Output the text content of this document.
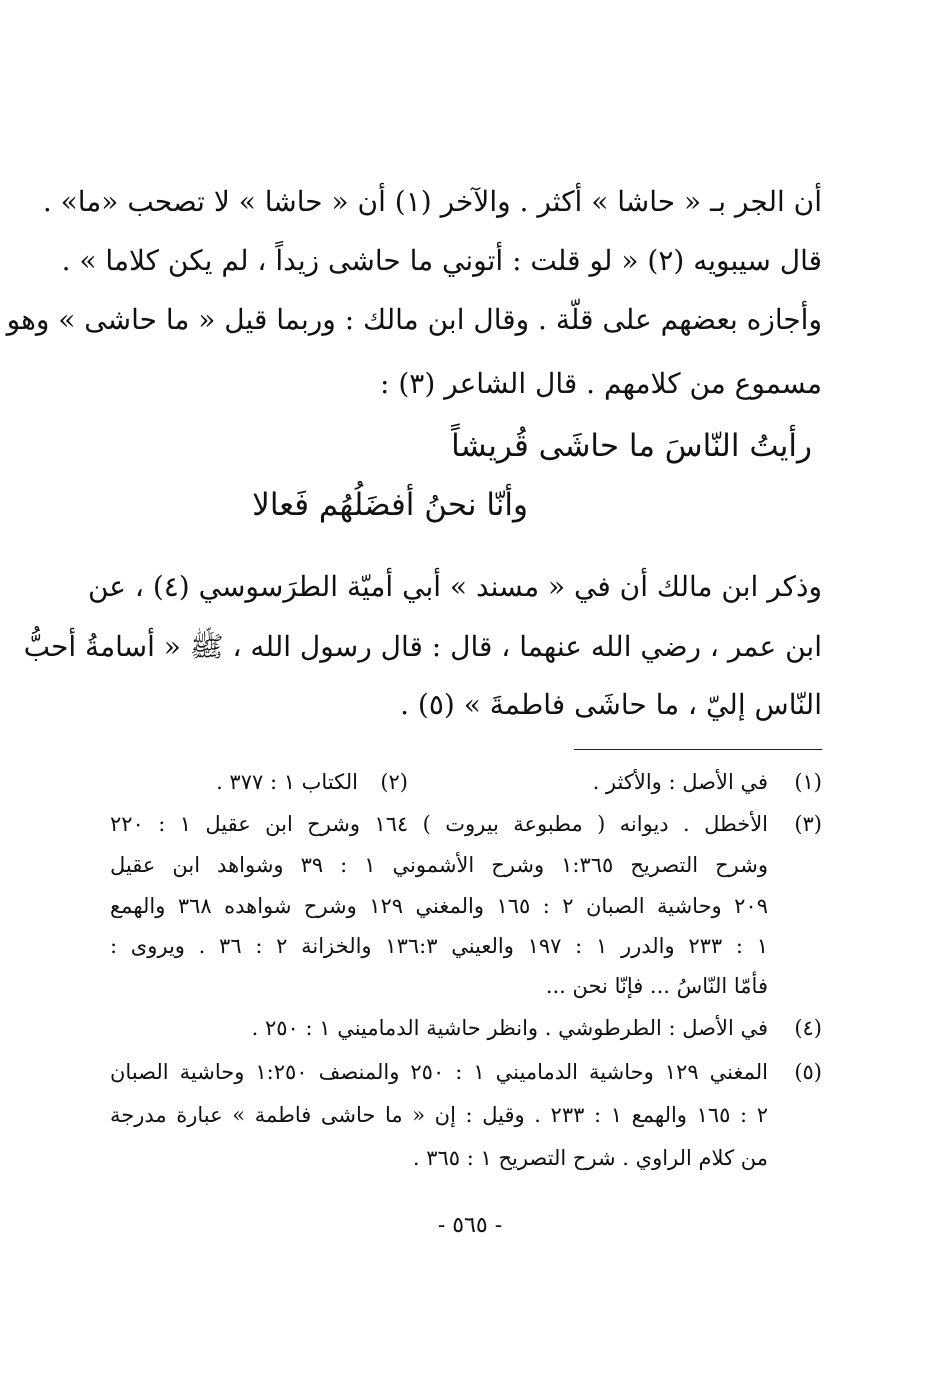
أن الجر بـ « حاشا » أكثر . والآخر (١) أن « حاشا » لا تصحب «ما» .
قال سيبويه (٢) « لو قلت : أتوني ما حاشى زيداً ، لم يكن كلاما » .
وأجازه بعضهم على قلّة . وقال ابن مالك : وربما قيل « ما حاشى » وهو
مسموع من كلامهم . قال الشاعر (٣) :
رأيتُ النّاسَ ما حاشَى قُريشاً
وأنّا نحنُ أفضَلُهُم فَعالا
وذكر ابن مالك أن في « مسند » أبي أميّة الطرَسوسي (٤) ، عن
ابن عمر ، رضي الله عنهما ، قال : قال رسول الله ، ﷺ « أسامةُ أحبُّ
النّاس إليّ ، ما حاشَى فاطمةَ » (٥) .
(١)
في الأصل : والأكثر .
(٢)
الكتاب ١ : ٣٧٧ .
(٣)
الأخطل . ديوانه ( مطبوعة بيروت ) ١٦٤ وشرح ابن عقيل ١ : ٢٢٠
وشرح التصريح ١:٣٦٥ وشرح الأشموني ١ : ٣٩ وشواهد ابن عقيل
٢٠٩ وحاشية الصبان ٢ : ١٦٥ والمغني ١٢٩ وشرح شواهده ٣٦٨ والهمع
١ : ٢٣٣ والدرر ١ : ١٩٧ والعيني ١٣٦:٣ والخزانة ٢ : ٣٦ . ويروى :
فأمّا النّاسُ ... فإنّا نحن ...
(٤)
في الأصل : الطرطوشي . وانظر حاشية الدماميني ١ : ٢٥٠ .
(٥)
المغني ١٢٩ وحاشية الدماميني ١ : ٢٥٠ والمنصف ١:٢٥٠ وحاشية الصبان
٢ : ١٦٥ والهمع ١ : ٢٣٣ . وقيل : إن « ما حاشى فاطمة » عبارة مدرجة
من كلام الراوي . شرح التصريح ١ : ٣٦٥ .
- ٥٦٥ -
